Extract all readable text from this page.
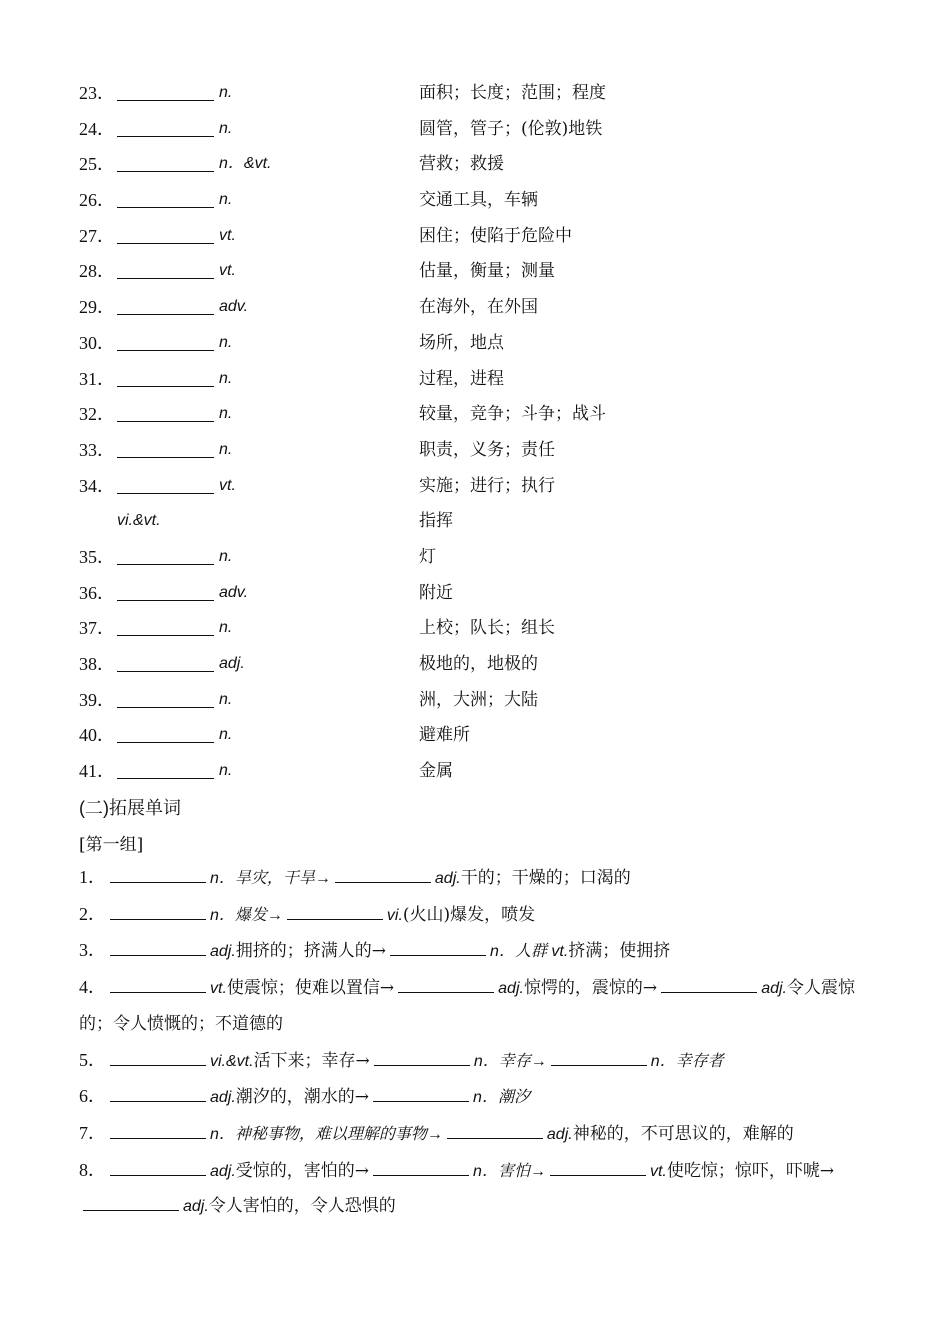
23．	n.	面积；长度；范围；程度
24．	n.	圆管，管子；(伦敦)地铁
25．	n．&vt.	营救；救援
26．	n.	交通工具，车辆
27．	vt.	困住；使陷于危险中
28．	vt.	估量，衡量；测量
29．	adv.	在海外，在外国
30．	n.	场所，地点
31．	n.	过程，进程
32．	n.	较量，竞争；斗争；战斗
33．	n.	职责，义务；责任
34．	vt.	实施；进行；执行
vi.&vt.	指挥
35．	n.	灯
36．	adv.	附近
37．	n.	上校；队长；组长
38．	adj.	极地的，地极的
39．	n.	洲，大洲；大陆
40．	n.	避难所
41．	n.	金属
(二)拓展单词
[第一组]

1．	n．旱灾，干旱→	adj.干的；干燥的；口渴的

2．	n．爆发→	vi.(火山)爆发，喷发

3．	adj.拥挤的；挤满人的→	n．人群 vt.挤满；使拥挤

4．	vt.使震惊；使难以置信→	adj.惊愕的，震惊的→	adj.令人震惊的；令人愤慨的；不道德的

5．	vi.&vt.活下来；幸存→	n．幸存→	n．幸存者

6．	adj.潮汐的，潮水的→	n．潮汐

7．	n．神秘事物，难以理解的事物→	adj.神秘的，不可思议的，难解的

8．	adj.受惊的，害怕的→	n．害怕→	vt.使吃惊；惊吓，吓唬→adj.令人害怕的，令人恐惧的
